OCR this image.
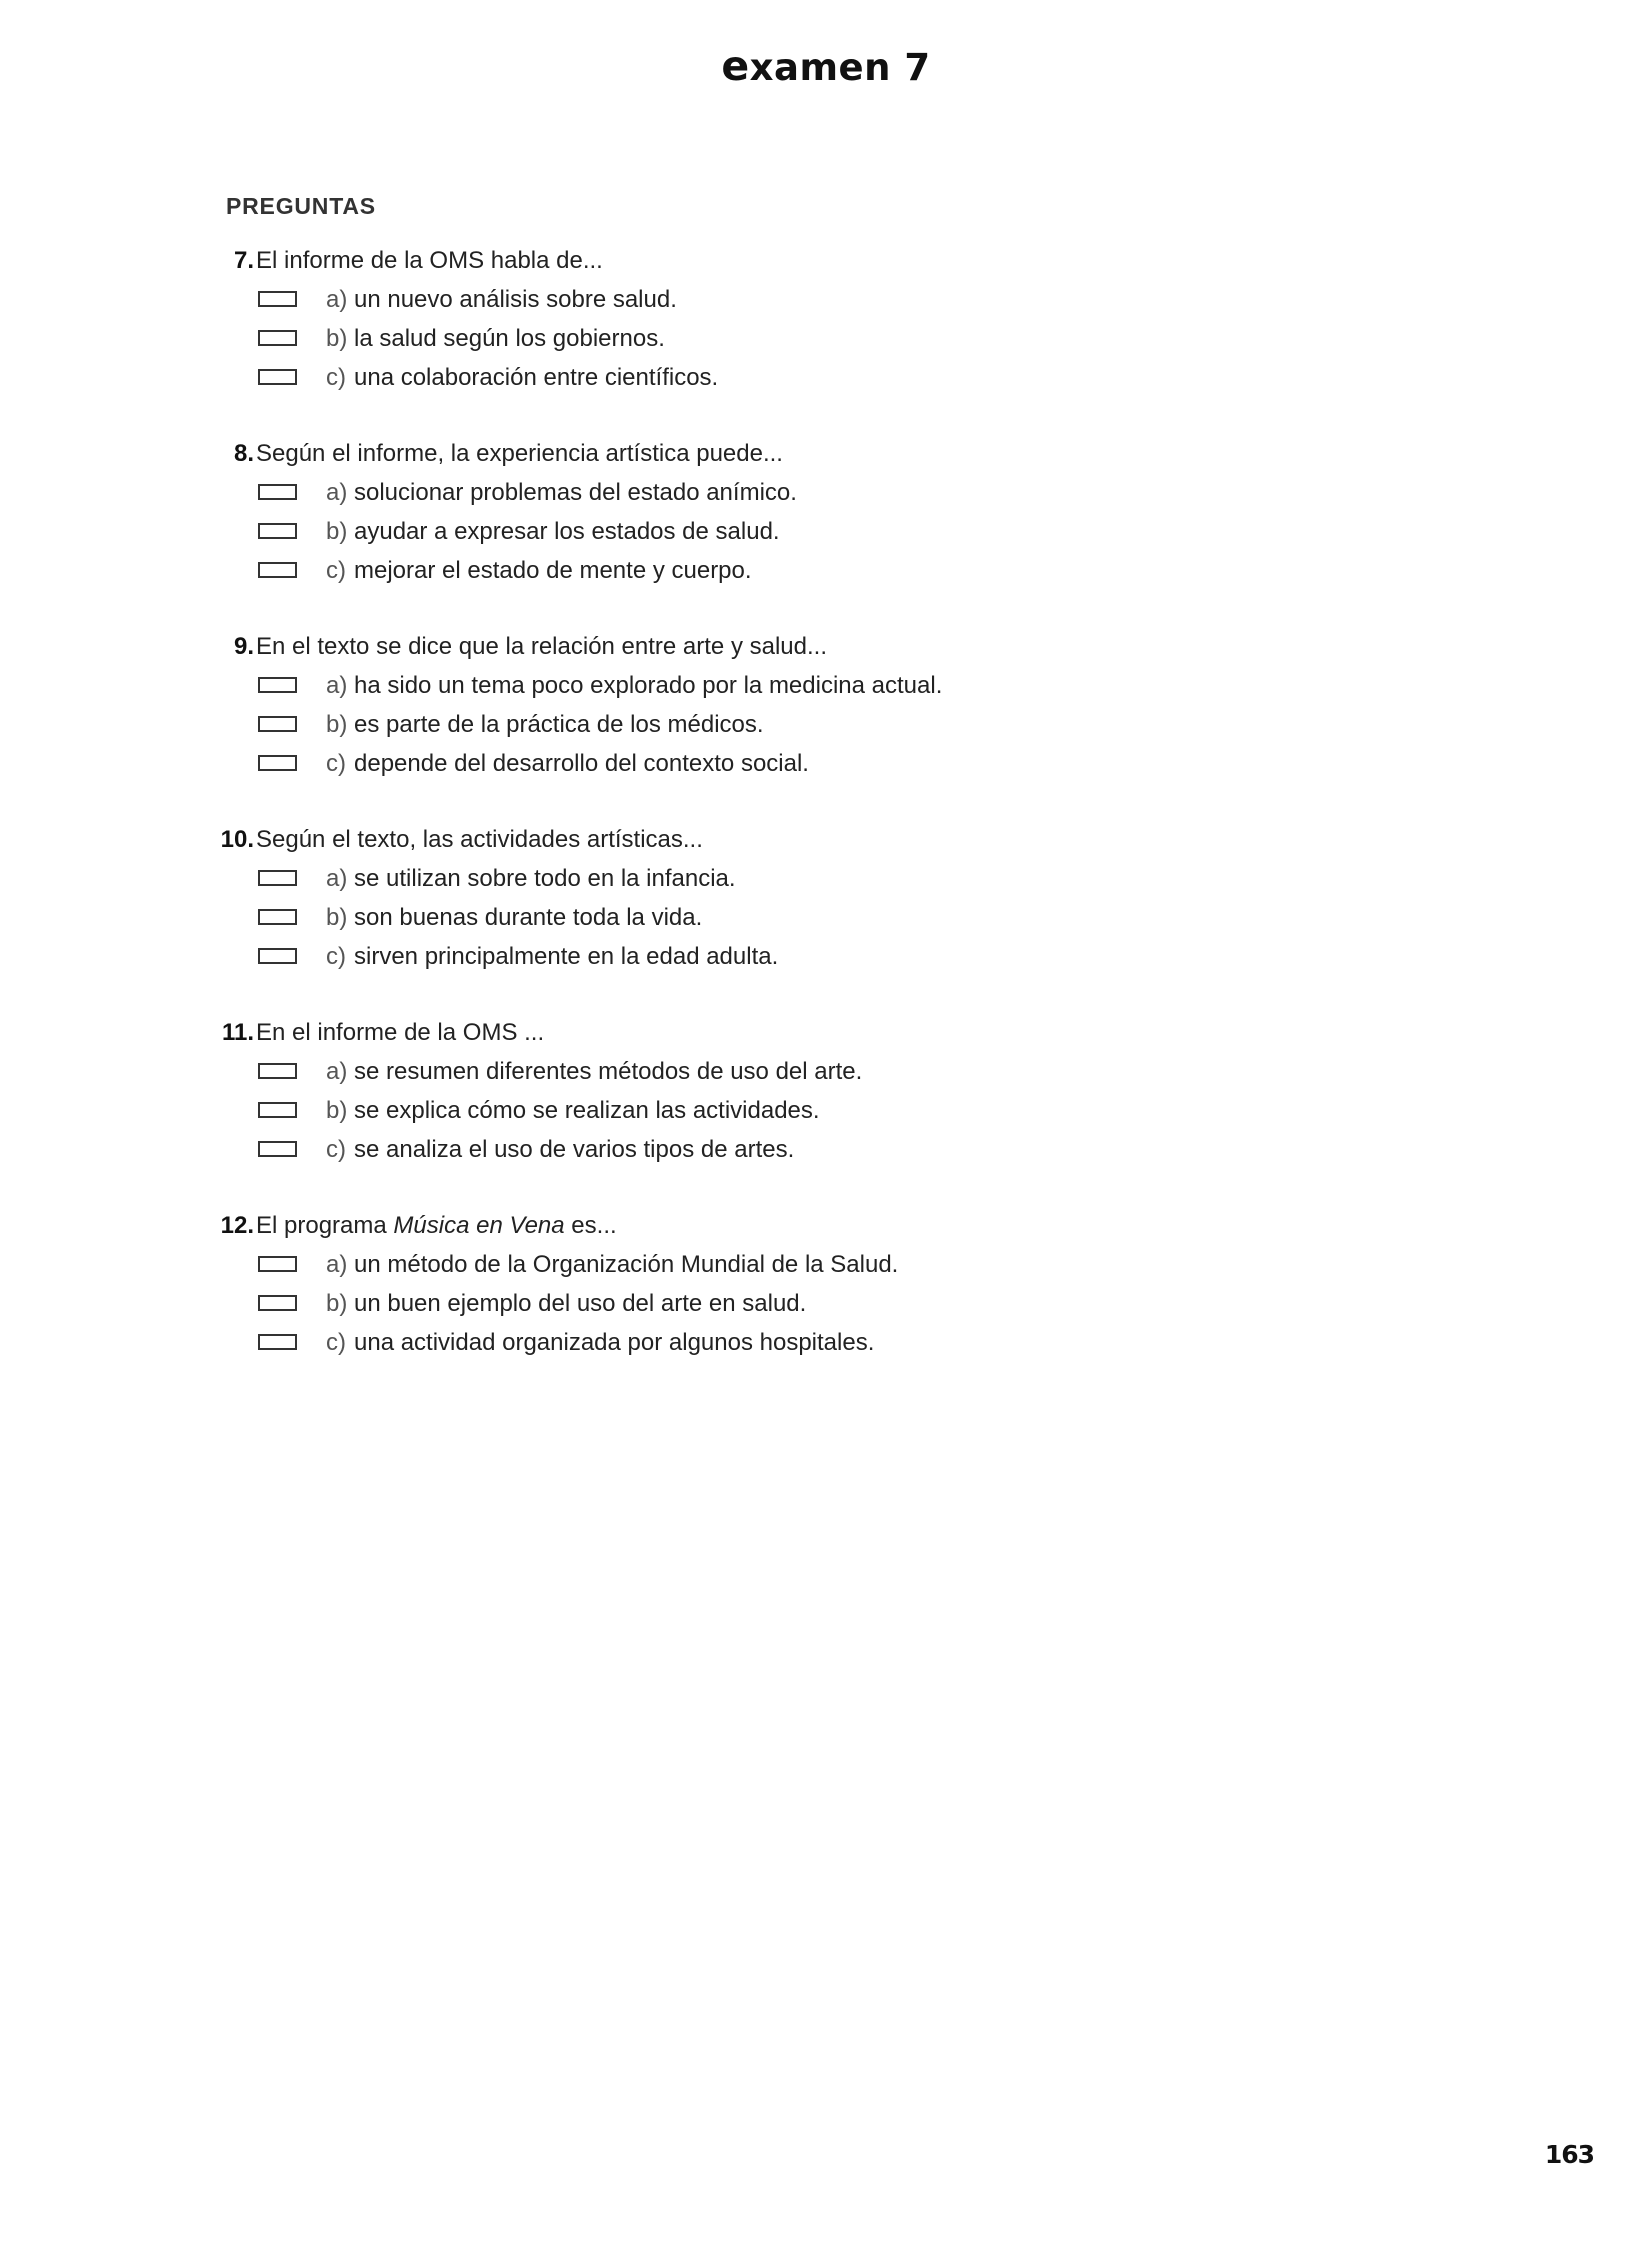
examen 7
PREGUNTAS
7. El informe de la OMS habla de...
a) un nuevo análisis sobre salud.
b) la salud según los gobiernos.
c) una colaboración entre científicos.
8. Según el informe, la experiencia artística puede...
a) solucionar problemas del estado anímico.
b) ayudar a expresar los estados de salud.
c) mejorar el estado de mente y cuerpo.
9. En el texto se dice que la relación entre arte y salud...
a) ha sido un tema poco explorado por la medicina actual.
b) es parte de la práctica de los médicos.
c) depende del desarrollo del contexto social.
10. Según el texto, las actividades artísticas...
a) se utilizan sobre todo en la infancia.
b) son buenas durante toda la vida.
c) sirven principalmente en la edad adulta.
11. En el informe de la OMS ...
a) se resumen diferentes métodos de uso del arte.
b) se explica cómo se realizan las actividades.
c) se analiza el uso de varios tipos de artes.
12. El programa Música en Vena es...
a) un método de la Organización Mundial de la Salud.
b) un buen ejemplo del uso del arte en salud.
c) una actividad organizada por algunos hospitales.
163
